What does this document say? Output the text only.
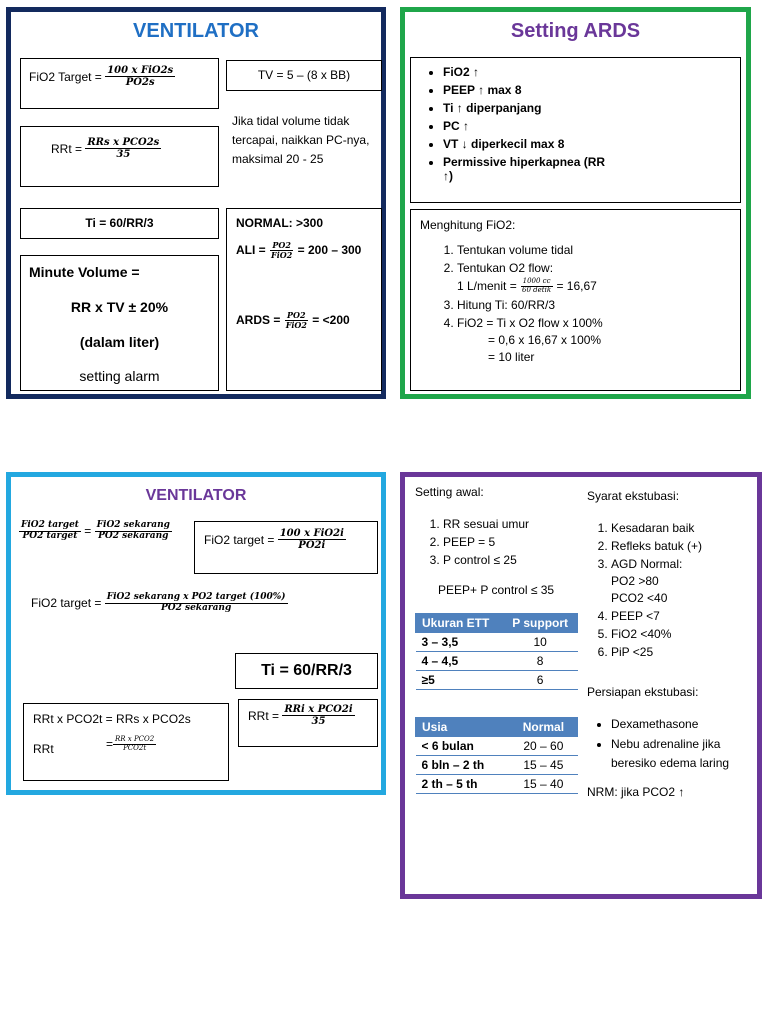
VENTILATOR
FiO2 Target =
$\frac{\text{100 x FiO2s}}{PO2s}$
RRt =
$\frac{\text{RRs x PCO2s}}{35}$
TV = 5 – (8 x BB)
Jika tidal volume tidak tercapai, naikkan PC-nya, maksimal 20 - 25
Ti = 60/RR/3
Minute Volume =
RR x TV ± 20%
(dalam liter)
setting alarm
NORMAL: >300
ALI =
$\frac{PO2}{\text{FiO2}}$
= 200 – 300
ARDS =
$\frac{PO2}{\text{FiO2}}$
= <200
Setting ARDS
• FiO2 ↑
• PEEP ↑ max 8
• Ti ↑ diperpanjang
• PC ↑
• VT ↓ diperkecil max 8
• Permissive hiperkapnea (RR ↑)
Menghitung FiO2:
1. Tentukan volume tidal
2. Tentukan O2 flow:
1 L/menit =
$\frac{1000 cc}{\text{60 detik}}$
= 16,67
3. Hitung Ti: 60/RR/3
4. FiO2 = Ti x O2 flow x 100%
= 0,6 x 16,67 x 100%
= 10 liter
VENTILATOR
$\frac{\text{FiO2 target}}{\text{PO2 target}} = \frac{\text{FiO2 sekarang}}{\text{PO2 sekarang}}$	FiO2 target =
$\frac{\text{100 x FiO2i}}{PO2i}$
FiO2 target =
$\frac{\text{FiO2 sekarang x PO2 target (100\%)}}{\text{PO2 sekarang}}$
Ti = 60/RR/3
RRt x PCO2t = RRs x PCO2s
RRt	= $\frac{\text{RR x PCO2}}{\text{PCO2t}}$
RRt =
$\frac{\text{RRi x PCO2i}}{35}$
Setting awal:
1. RR sesuai umur
2. PEEP = 5
3. P control ≤ 25
PEEP+ P control ≤ 35
Ukuran ETT	P support
3 – 3,5	10
4 – 4,5	8
≥5	6
Usia	Normal
< 6 bulan	20 – 60
6 bln – 2 th	15 – 45
2 th – 5 th	15 – 40
Syarat ekstubasi:
1. Kesadaran baik
2. Refleks batuk (+)
3. AGD Normal:
PO2 >80
PCO2 <40
4. PEEP <7
5. FiO2 <40%
6. PiP <25
Persiapan ekstubasi:
• Dexamethasone
• Nebu adrenaline jika beresiko edema laring
NRM: jika PCO2 ↑
